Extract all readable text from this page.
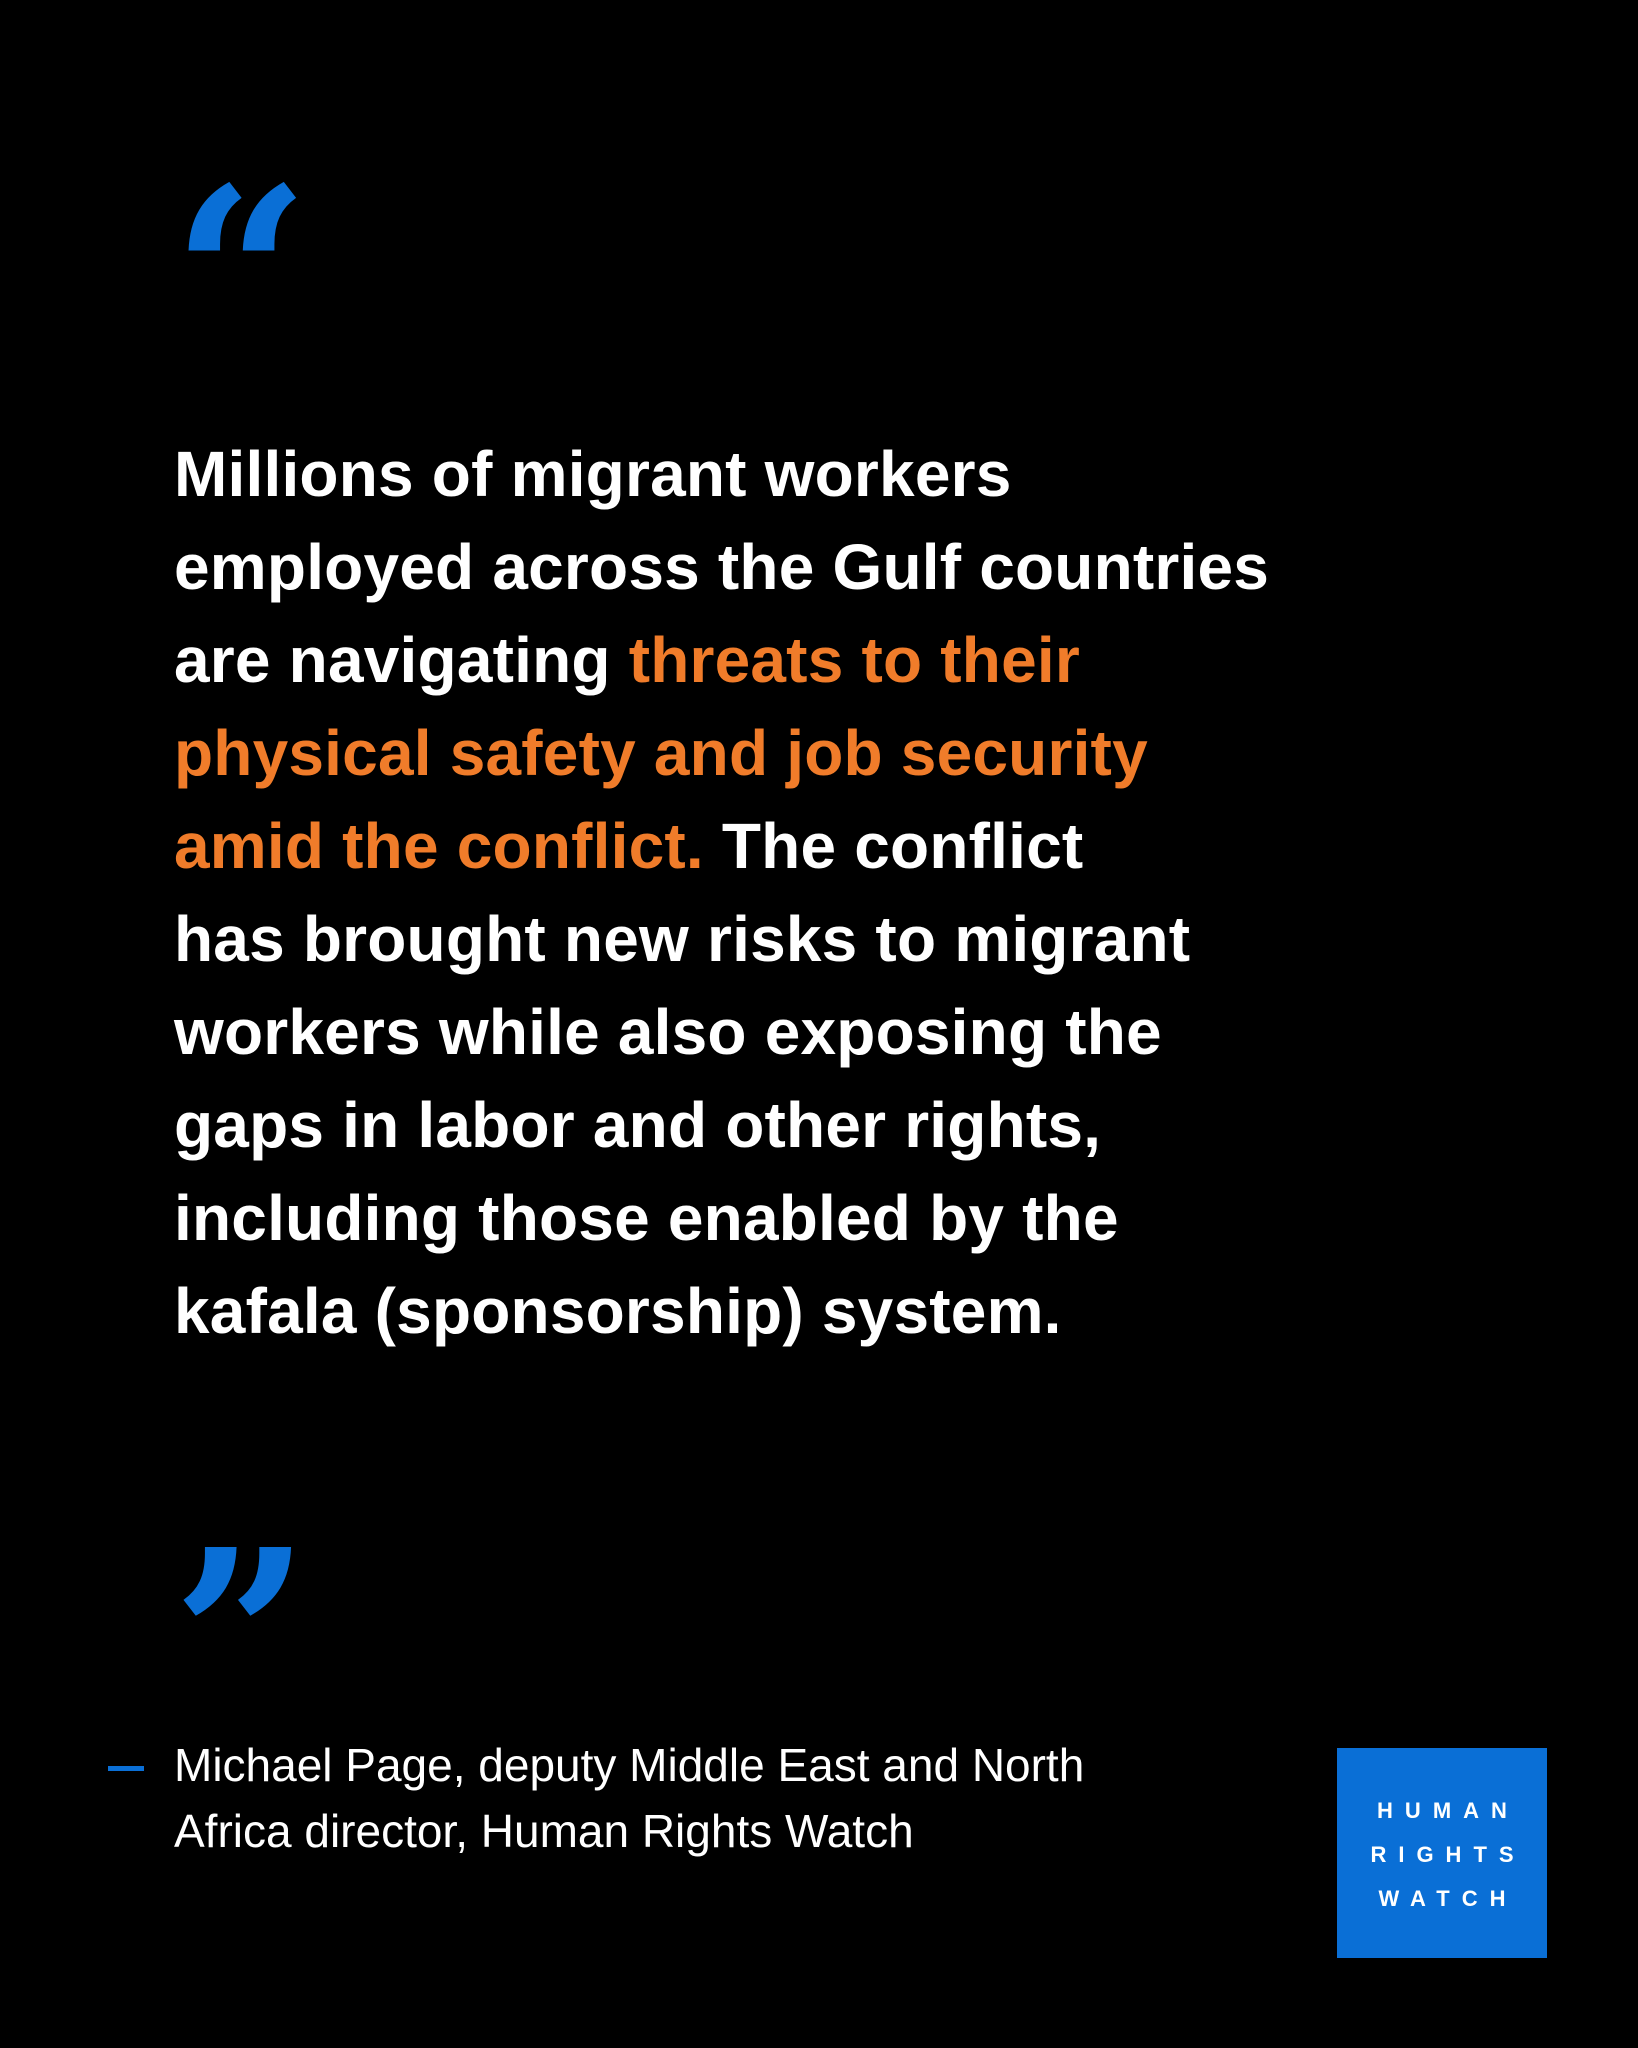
“
Millions of migrant workers
employed across the Gulf countries
are navigating threats to their
physical safety and job security
amid the conflict. The conflict
has brought new risks to migrant
workers while also exposing the
gaps in labor and other rights,
including those enabled by the
kafala (sponsorship) system.
”
Michael Page, deputy Middle East and North
Africa director, Human Rights Watch	HUMAN
RIGHTS
WATCH
